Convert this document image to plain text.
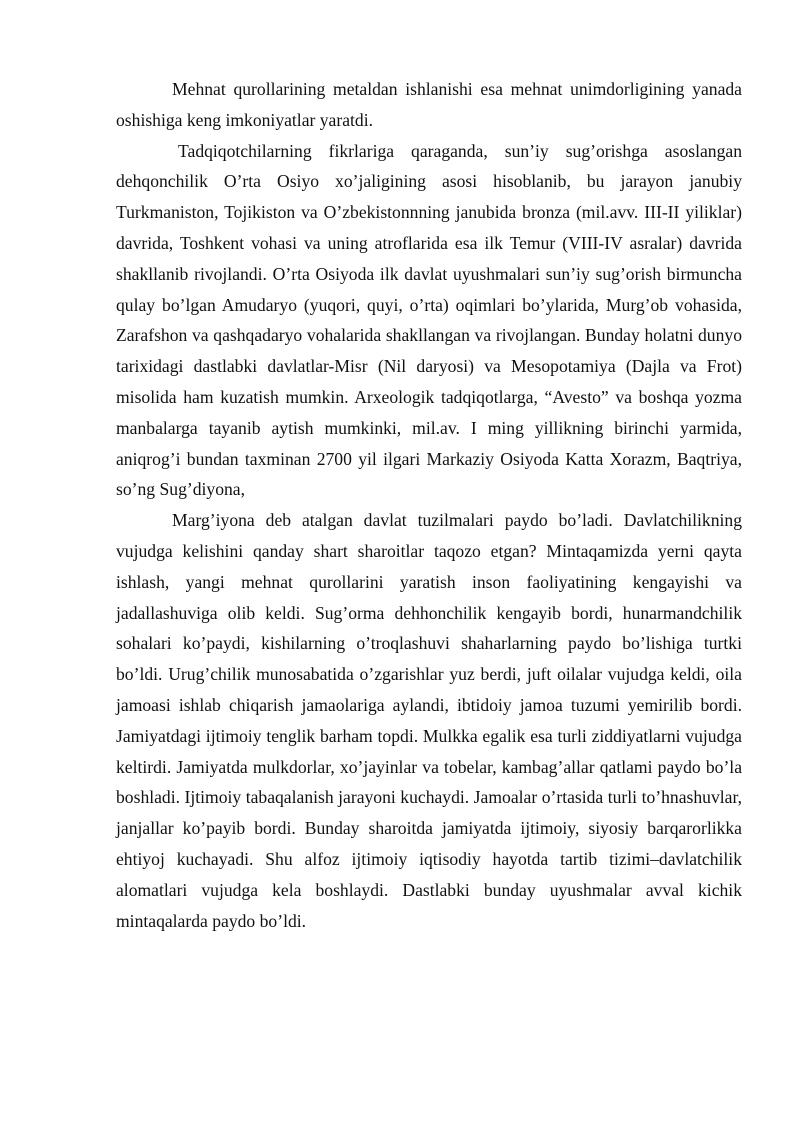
Mehnat qurollarining metaldan ishlanishi esa mehnat unimdorligining yanada oshishiga keng imkoniyatlar yaratdi.

Tadqiqotchilarning fikrlariga qaraganda, sun’iy sug’orishga asoslangan dehqonchilik O’rta Osiyo xo’jaligining asosi hisoblanib, bu jarayon janubiy Turkmaniston, Tojikiston va O’zbekistonnning janubida bronza (mil.avv. III-II yiliklar) davrida, Toshkent vohasi va uning atroflarida esa ilk Temur (VIII-IV asralar) davrida shakllanib rivojlandi. O’rta Osiyoda ilk davlat uyushmalari sun’iy sug’orish birmuncha qulay bo’lgan Amudaryo (yuqori, quyi, o’rta) oqimlari bo’ylarida, Murg’ob vohasida, Zarafshon va qashqadaryo vohalarida shakllangan va rivojlangan. Bunday holatni dunyo tarixidagi dastlabki davlatlar-Misr (Nil daryosi) va Mesopotamiya (Dajla va Frot) misolida ham kuzatish mumkin. Arxeologik tadqiqotlarga, “Avesto” va boshqa yozma manbalarga tayanib aytish mumkinki, mil.av. I ming yillikning birinchi yarmida, aniqrog’i bundan taxminan 2700 yil ilgari Markaziy Osiyoda Katta Xorazm, Baqtriya, so’ng Sug’diyona,

Marg’iyona deb atalgan davlat tuzilmalari paydo bo’ladi. Davlatchilikning vujudga kelishini qanday shart sharoitlar taqozo etgan? Mintaqamizda yerni qayta ishlash, yangi mehnat qurollarini yaratish inson faoliyatining kengayishi va jadallashuviga olib keldi. Sug’orma dehhonchilik kengayib bordi, hunarmandchilik sohalari ko’paydi, kishilarning o’troqlashuvi shaharlarning paydo bo’lishiga turtki bo’ldi. Urug’chilik munosabatida o’zgarishlar yuz berdi, juft oilalar vujudga keldi, oila jamoasi ishlab chiqarish jamaolariga aylandi, ibtidoiy jamoa tuzumi yemirilib bordi. Jamiyatdagi ijtimoiy tenglik barham topdi. Mulkka egalik esa turli ziddiyatlarni vujudga keltirdi. Jamiyatda mulkdorlar, xo’jayinlar va tobelar, kambag’allar qatlami paydo bo’la boshladi. Ijtimoiy tabaqalanish jarayoni kuchaydi. Jamoalar o’rtasida turli to’hnashuvlar, janjallar ko’payib bordi. Bunday sharoitda jamiyatda ijtimoiy, siyosiy barqarorlikka ehtiyoj kuchayadi. Shu alfoz ijtimoiy iqtisodiy hayotda tartib tizimi–davlatchilik alomatlari vujudga kela boshlaydi. Dastlabki bunday uyushmalar avval kichik mintaqalarda paydo bo’ldi.
